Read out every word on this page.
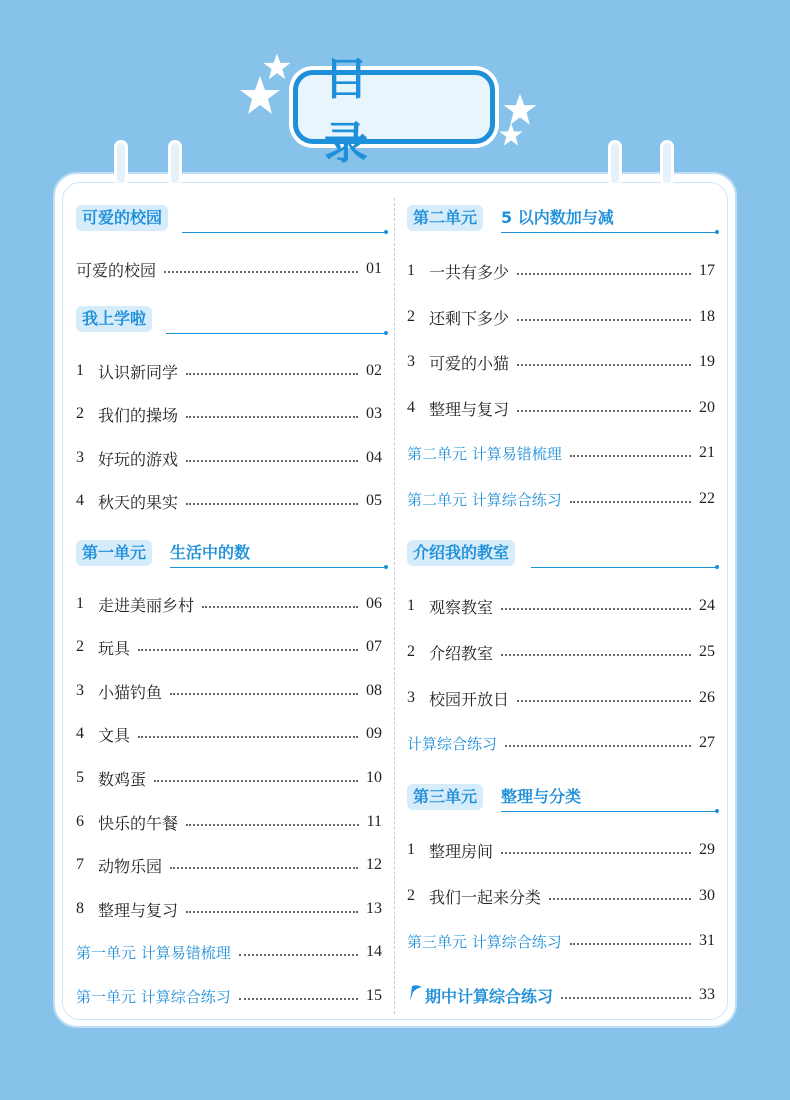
目 录
可爱的校园
可爱的校园	01
我上学啦
1 认识新同学	02
2 我们的操场	03
3 好玩的游戏	04
4 秋天的果实	05
第一单元	生活中的数
1 走进美丽乡村	06
2 玩具	07
3 小猫钓鱼	08
4 文具	09
5 数鸡蛋	10
6 快乐的午餐	11
7 动物乐园	12
8 整理与复习	13
第一单元 计算易错梳理	14
第一单元 计算综合练习	15
第二单元	5 以内数加与减
1 一共有多少	17
2 还剩下多少	18
3 可爱的小猫	19
4 整理与复习	20
第二单元 计算易错梳理	21
第二单元 计算综合练习	22
介绍我的教室
1 观察教室	24
2 介绍教室	25
3 校园开放日	26
计算综合练习	27
第三单元	整理与分类
1 整理房间	29
2 我们一起来分类	30
第三单元 计算综合练习	31
期中计算综合练习	33
